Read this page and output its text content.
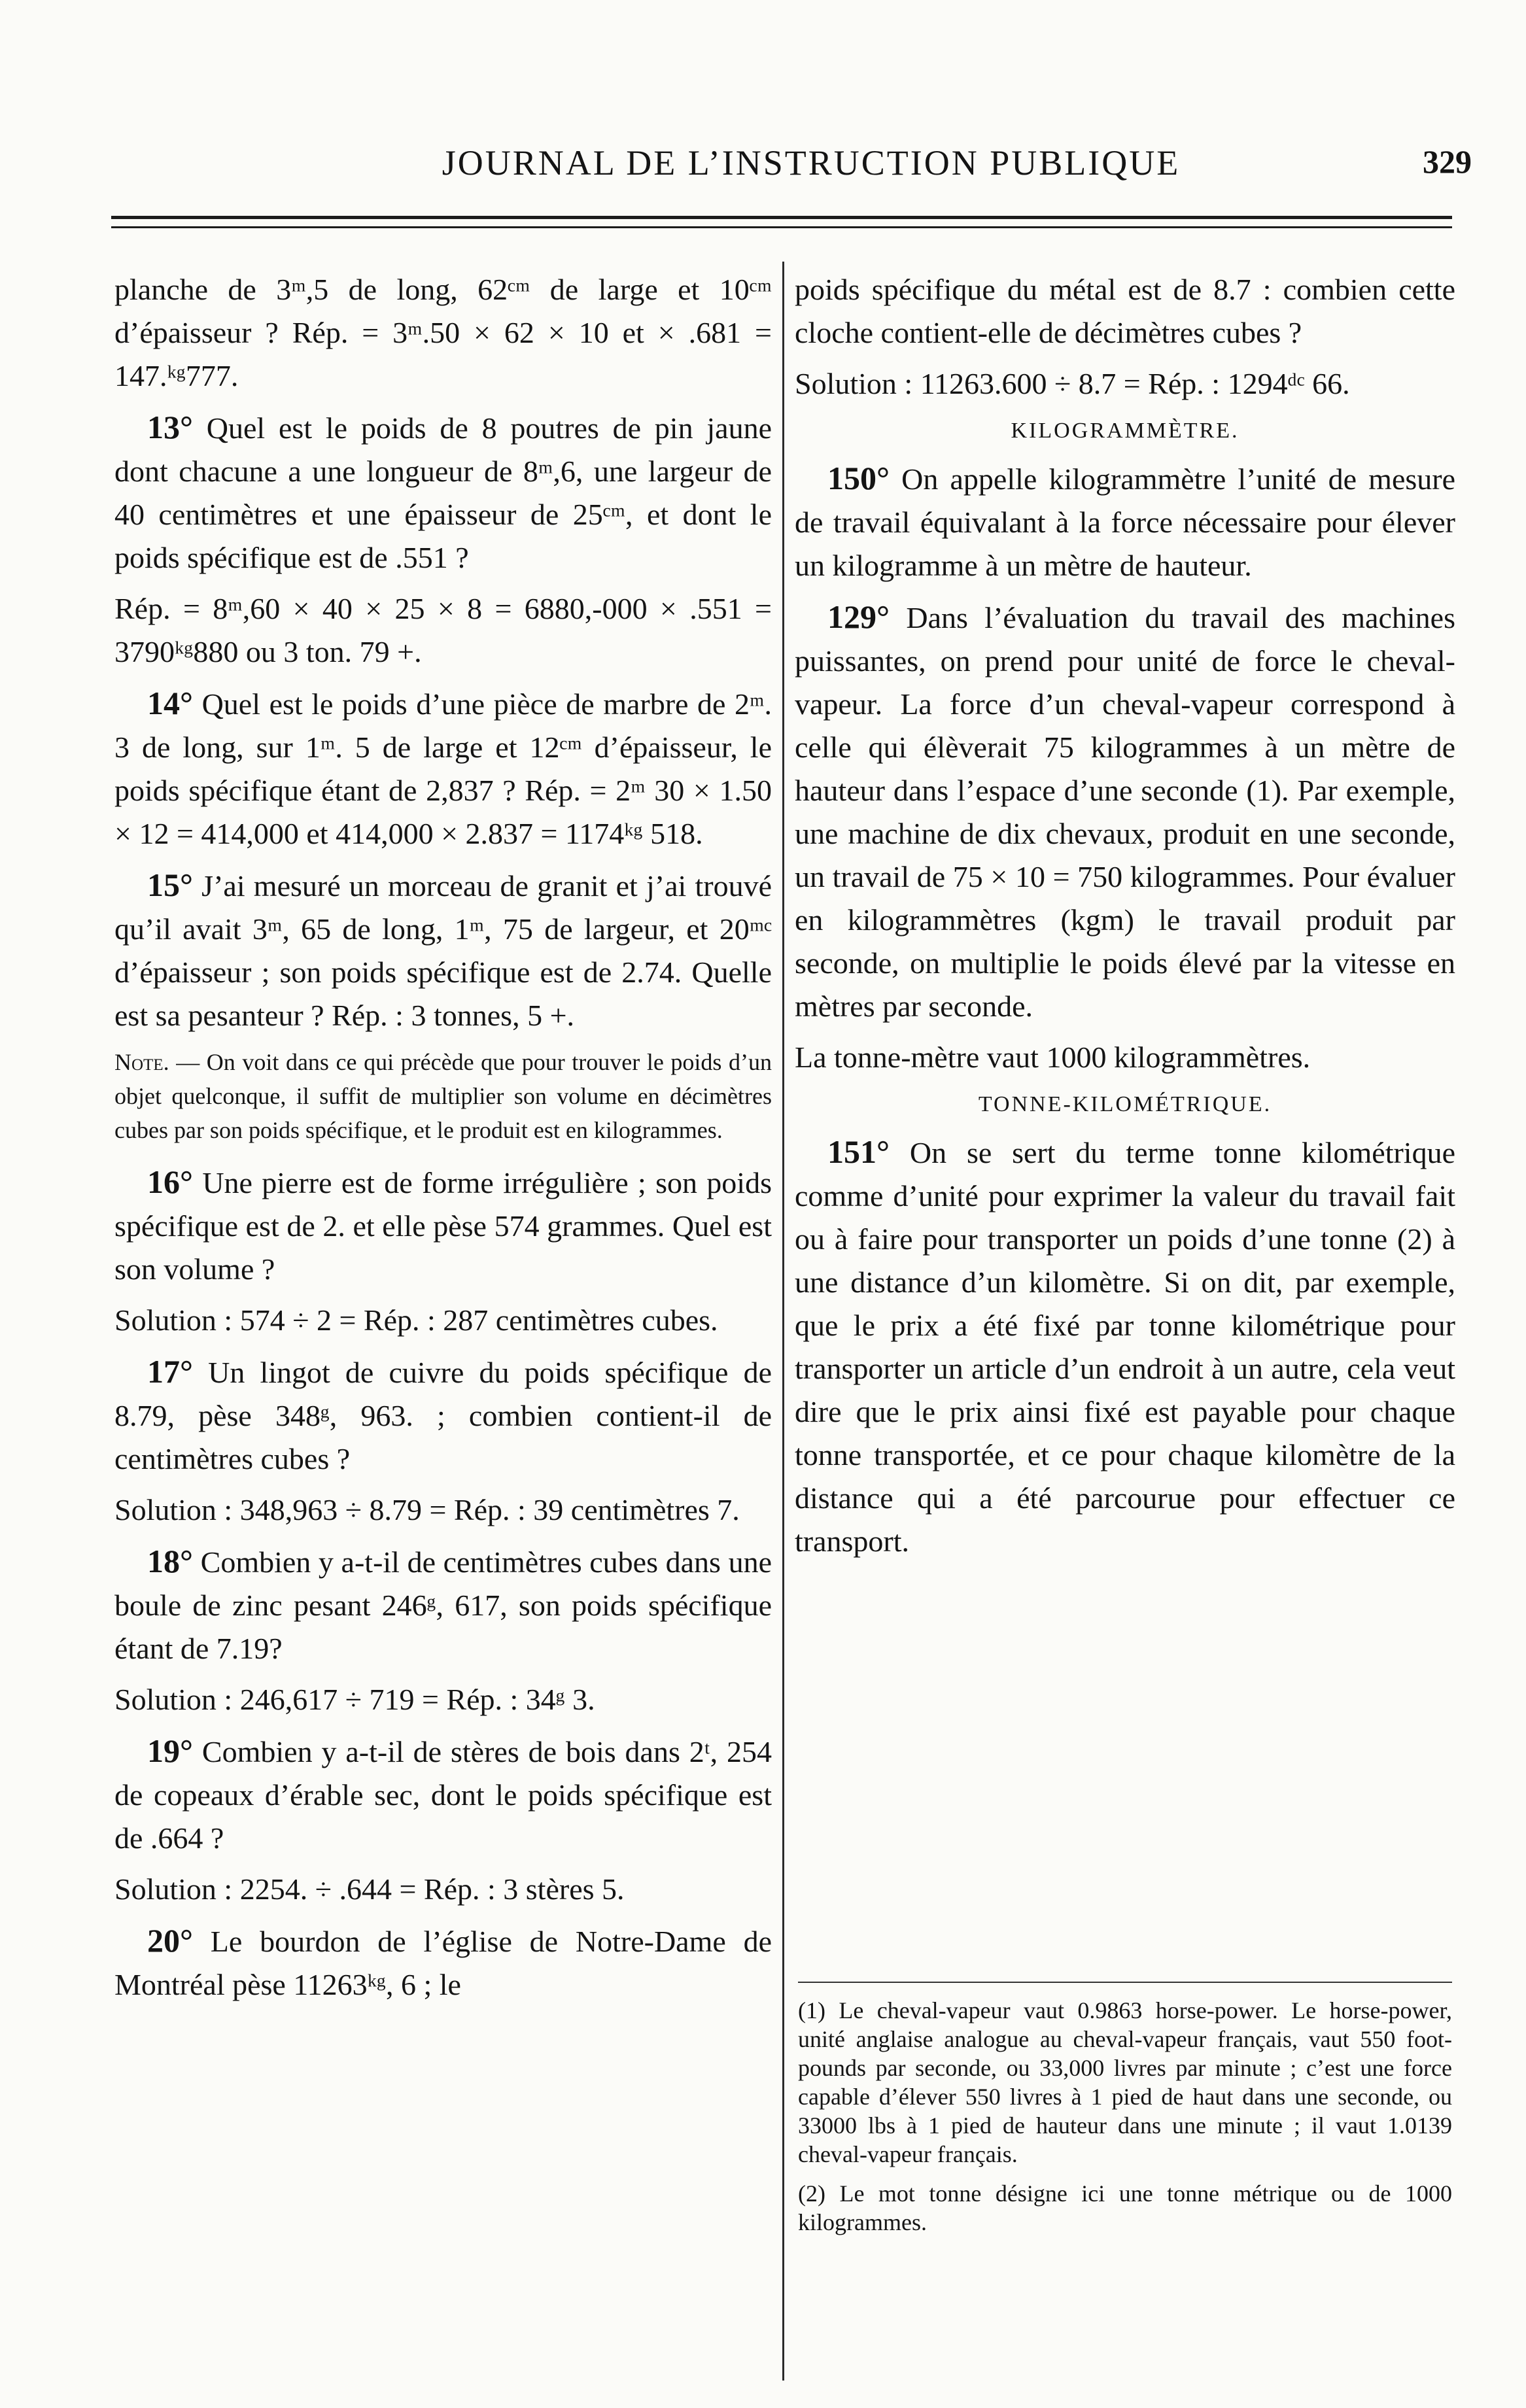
JOURNAL DE L’INSTRUCTION PUBLIQUE	329

planche de 3ᵐ,5 de long, 62ᶜᵐ de large et 10ᶜᵐ d’épaisseur ? Rép. = 3ᵐ.50 × 62 × 10 et × .681 = 147.ᵏᵍ777.

13° Quel est le poids de 8 poutres de pin jaune dont chacune a une longueur de 8ᵐ,6, une largeur de 40 centimètres et une épaisseur de 25ᶜᵐ, et dont le poids spécifique est de .551 ?

Rép. = 8ᵐ,60 × 40 × 25 × 8 = 6880,-000 × .551 = 3790ᵏᵍ880 ou 3 ton. 79 +.

14° Quel est le poids d’une pièce de marbre de 2ᵐ. 3 de long, sur 1ᵐ. 5 de large et 12ᶜᵐ d’épaisseur, le poids spécifique étant de 2,837 ? Rép. = 2ᵐ 30 × 1.50 × 12 = 414,000 et 414,000 × 2.837 = 1174ᵏᵍ 518.

15° J’ai mesuré un morceau de granit et j’ai trouvé qu’il avait 3ᵐ, 65 de long, 1ᵐ, 75 de largeur, et 20ᵐᶜ d’épaisseur ; son poids spécifique est de 2.74. Quelle est sa pesanteur ? Rép. : 3 tonnes, 5 +.

Note. — On voit dans ce qui précède que pour trouver le poids d’un objet quelconque, il suffit de multiplier son volume en décimètres cubes par son poids spécifique, et le produit est en kilogrammes.

16° Une pierre est de forme irrégulière ; son poids spécifique est de 2. et elle pèse 574 grammes. Quel est son volume ?

Solution : 574 ÷ 2 = Rép. : 287 centimètres cubes.

17° Un lingot de cuivre du poids spécifique de 8.79, pèse 348ᵍ, 963. ; combien contient-il de centimètres cubes ?

Solution : 348,963 ÷ 8.79 = Rép. : 39 centimètres 7.

18° Combien y a-t-il de centimètres cubes dans une boule de zinc pesant 246ᵍ, 617, son poids spécifique étant de 7.19?

Solution : 246,617 ÷ 719 = Rép. : 34ᵍ 3.

19° Combien y a-t-il de stères de bois dans 2ᵗ, 254 de copeaux d’érable sec, dont le poids spécifique est de .664 ?

Solution : 2254. ÷ .644 = Rép. : 3 stères 5.

20° Le bourdon de l’église de Notre-Dame de Montréal pèse 11263ᵏᵍ, 6 ; le

poids spécifique du métal est de 8.7 : combien cette cloche contient-elle de décimètres cubes ?

Solution : 11263.600 ÷ 8.7 = Rép. : 1294ᵈᶜ 66.

KILOGRAMMÈTRE.

150° On appelle kilogrammètre l’unité de mesure de travail équivalant à la force nécessaire pour élever un kilogramme à un mètre de hauteur.

129° Dans l’évaluation du travail des machines puissantes, on prend pour unité de force le cheval-vapeur. La force d’un cheval-vapeur correspond à celle qui élèverait 75 kilogrammes à un mètre de hauteur dans l’espace d’une seconde (1). Par exemple, une machine de dix chevaux, produit en une seconde, un travail de 75 × 10 = 750 kilogrammes. Pour évaluer en kilogrammètres (kgm) le travail produit par seconde, on multiplie le poids élevé par la vitesse en mètres par seconde.

La tonne-mètre vaut 1000 kilogrammètres.

TONNE-KILOMÉTRIQUE.

151° On se sert du terme tonne kilométrique comme d’unité pour exprimer la valeur du travail fait ou à faire pour transporter un poids d’une tonne (2) à une distance d’un kilomètre. Si on dit, par exemple, que le prix a été fixé par tonne kilométrique pour transporter un article d’un endroit à un autre, cela veut dire que le prix ainsi fixé est payable pour chaque tonne transportée, et ce pour chaque kilomètre de la distance qui a été parcourue pour effectuer ce transport.

(1) Le cheval-vapeur vaut 0.9863 horse-power. Le horse-power, unité anglaise analogue au cheval-vapeur français, vaut 550 foot-pounds par seconde, ou 33,000 livres par minute ; c’est une force capable d’élever 550 livres à 1 pied de haut dans une seconde, ou 33000 lbs à 1 pied de hauteur dans une minute ; il vaut 1.0139 cheval-vapeur français.

(2) Le mot tonne désigne ici une tonne métrique ou de 1000 kilogrammes.
